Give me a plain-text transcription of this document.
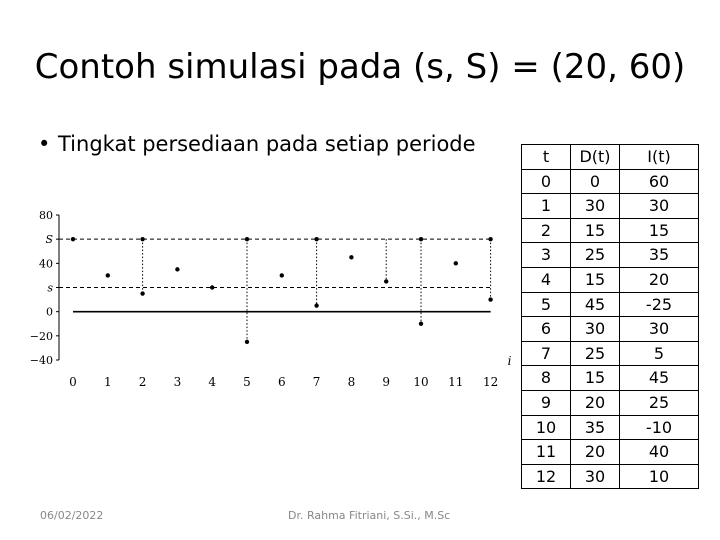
Contoh simulasi pada (s, S) = (20, 60)
• Tingkat persediaan pada setiap periode
80
S
40
s
0
−20
−40
0 1 2 3 4 5 6 7 8 9 10 11 12
i
t	D(t)	I(t)
0	0	60
1	30	30
2	15	15
3	25	35
4	15	20
5	45	-25
6	30	30
7	25	5
8	15	45
9	20	25
10	35	-10
11	20	40
12	30	10
06/02/2022	Dr. Rahma Fitriani, S.Si., M.Sc
